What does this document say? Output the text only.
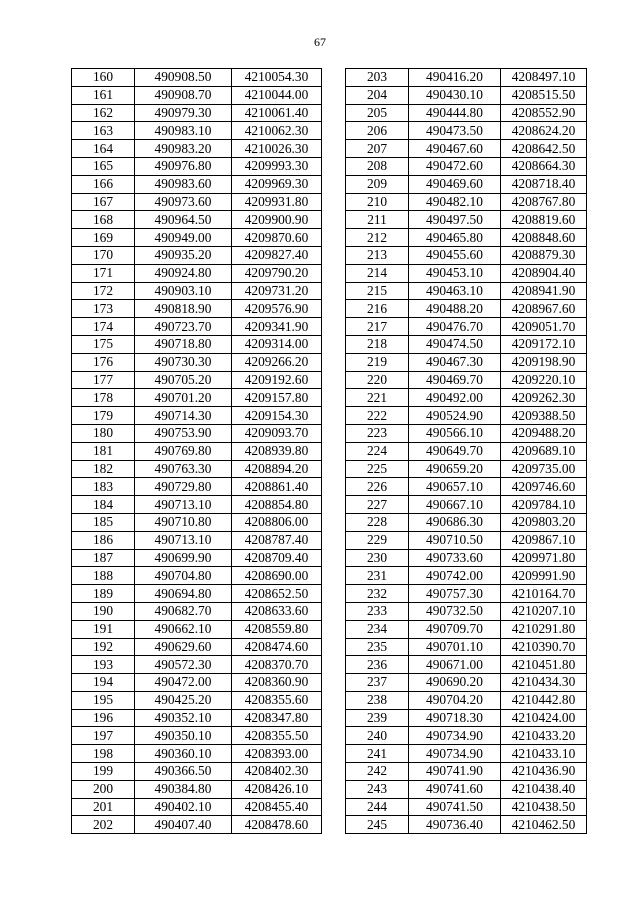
67
160	490908.50	4210054.30
161	490908.70	4210044.00
162	490979.30	4210061.40
163	490983.10	4210062.30
164	490983.20	4210026.30
165	490976.80	4209993.30
166	490983.60	4209969.30
167	490973.60	4209931.80
168	490964.50	4209900.90
169	490949.00	4209870.60
170	490935.20	4209827.40
171	490924.80	4209790.20
172	490903.10	4209731.20
173	490818.90	4209576.90
174	490723.70	4209341.90
175	490718.80	4209314.00
176	490730.30	4209266.20
177	490705.20	4209192.60
178	490701.20	4209157.80
179	490714.30	4209154.30
180	490753.90	4209093.70
181	490769.80	4208939.80
182	490763.30	4208894.20
183	490729.80	4208861.40
184	490713.10	4208854.80
185	490710.80	4208806.00
186	490713.10	4208787.40
187	490699.90	4208709.40
188	490704.80	4208690.00
189	490694.80	4208652.50
190	490682.70	4208633.60
191	490662.10	4208559.80
192	490629.60	4208474.60
193	490572.30	4208370.70
194	490472.00	4208360.90
195	490425.20	4208355.60
196	490352.10	4208347.80
197	490350.10	4208355.50
198	490360.10	4208393.00
199	490366.50	4208402.30
200	490384.80	4208426.10
201	490402.10	4208455.40
202	490407.40	4208478.60
203	490416.20	4208497.10
204	490430.10	4208515.50
205	490444.80	4208552.90
206	490473.50	4208624.20
207	490467.60	4208642.50
208	490472.60	4208664.30
209	490469.60	4208718.40
210	490482.10	4208767.80
211	490497.50	4208819.60
212	490465.80	4208848.60
213	490455.60	4208879.30
214	490453.10	4208904.40
215	490463.10	4208941.90
216	490488.20	4208967.60
217	490476.70	4209051.70
218	490474.50	4209172.10
219	490467.30	4209198.90
220	490469.70	4209220.10
221	490492.00	4209262.30
222	490524.90	4209388.50
223	490566.10	4209488.20
224	490649.70	4209689.10
225	490659.20	4209735.00
226	490657.10	4209746.60
227	490667.10	4209784.10
228	490686.30	4209803.20
229	490710.50	4209867.10
230	490733.60	4209971.80
231	490742.00	4209991.90
232	490757.30	4210164.70
233	490732.50	4210207.10
234	490709.70	4210291.80
235	490701.10	4210390.70
236	490671.00	4210451.80
237	490690.20	4210434.30
238	490704.20	4210442.80
239	490718.30	4210424.00
240	490734.90	4210433.20
241	490734.90	4210433.10
242	490741.90	4210436.90
243	490741.60	4210438.40
244	490741.50	4210438.50
245	490736.40	4210462.50
